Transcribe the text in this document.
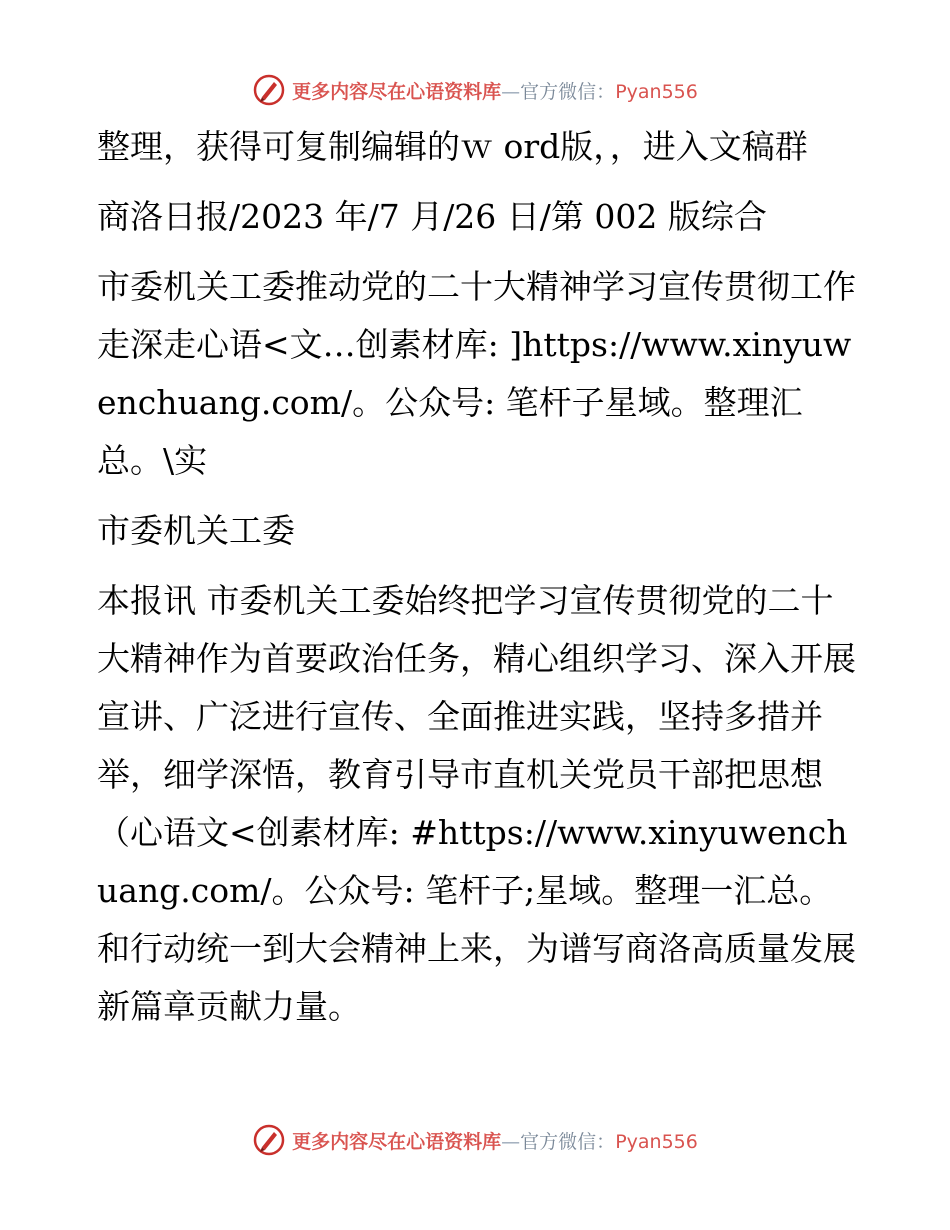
更多内容尽在心语资料库—官方微信：Pyan556

整理，获得可复制编辑的ｗ ord版，，进入文稿群

商洛日报/2023 年/7 月/26 日/第 002 版综合

市委机关工委推动党的二十大精神学习宣传贯彻工作走深走心语<文…创素材库: ]https://www.xinyuwenchuang.com/。公众号: 笔杆子星域。整理汇总。\实

市委机关工委

本报讯 市委机关工委始终把学习宣传贯彻党的二十大精神作为首要政治任务，精心组织学习、深入开展宣讲、广泛进行宣传、全面推进实践，坚持多措并举，细学深悟，教育引导市直机关党员干部把思想（心语文<创素材库: #https://www.xinyuwenchuang.com/。公众号: 笔杆子;星域。整理一汇总。和行动统一到大会精神上来，为谱写商洛高质量发展新篇章贡献力量。

更多内容尽在心语资料库—官方微信：Pyan556
